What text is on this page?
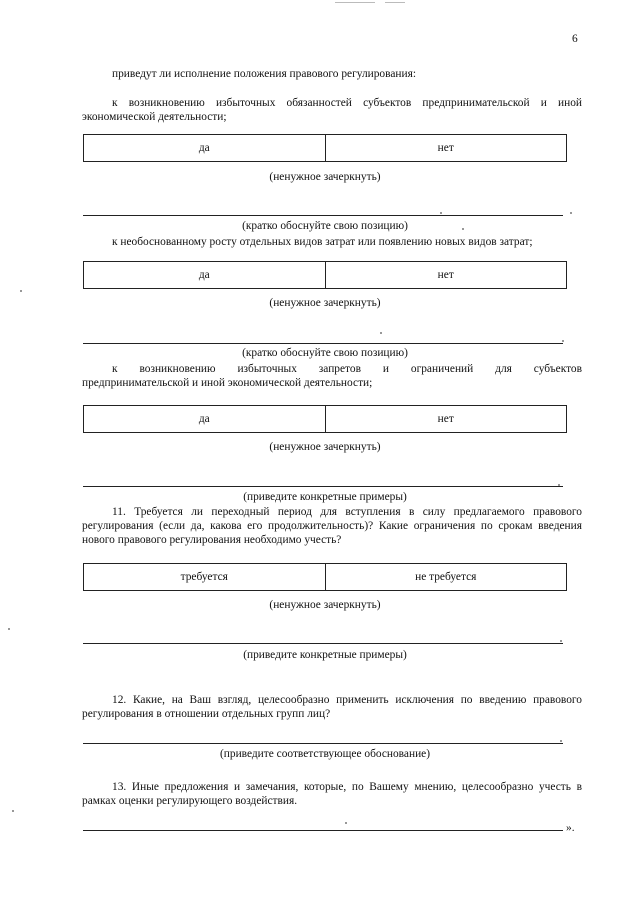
6
приведут ли исполнение положения правового регулирования:
к возникновению избыточных обязанностей субъектов предпринимательской и иной экономической деятельности;
да	нет
(ненужное зачеркнуть)
(кратко обоснуйте свою позицию)
к необоснованному росту отдельных видов затрат или появлению новых видов затрат;
да	нет
(ненужное зачеркнуть)
(кратко обоснуйте свою позицию)
к возникновению избыточных запретов и ограничений для субъектов
предпринимательской и иной экономической деятельности;
да	нет
(ненужное зачеркнуть)
(приведите конкретные примеры)
11. Требуется ли переходный период для вступления в силу предлагаемого правового регулирования (если да, какова его продолжительность)? Какие ограничения по срокам введения нового правового регулирования необходимо учесть?
требуется	не требуется
(ненужное зачеркнуть)
(приведите конкретные примеры)
12. Какие, на Ваш взгляд, целесообразно применить исключения по введению правового регулирования в отношении отдельных групп лиц?
(приведите соответствующее обоснование)
13. Иные предложения и замечания, которые, по Вашему мнению, целесообразно учесть в рамках оценки регулирующего воздействия.
».
